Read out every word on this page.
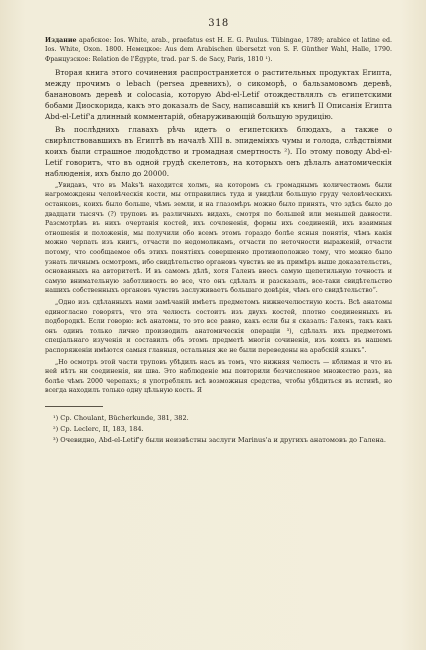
318

Издание арабское: Ios. White, arab., praefatus est H. E. G. Paulus. Tübingae, 1789; arabice et latine ed. Ios. White, Oxon. 1800. Немецкое: Aus dem Arabischen übersetzt von S. F. Günther Wahl, Halle, 1790. Французское: Relation de l'Égypte, trad. par S. de Sacy, Paris, 1810 ¹).

Вторая книга этого сочинения распространяется о растительных продуктах Египта, между прочимъ о lebach (persea древнихъ), о сикоморѣ, о бальзамовомъ деревѣ, банановомъ деревѣ и colocasia, которую Abd-el-Letif отождествлялъ съ египетскими бобами Диоскорида, какъ это доказалъ de Sacy, написавшій къ книгѣ II Описанія Египта Abd-el-Letif'а длинный комментарій, обнаруживающій большую эрудицію.

Въ послѣднихъ главахъ рѣчь идетъ о египетскихъ блюдахъ, а также о свирѣпствовавшихъ въ Египтѣ въ началѣ XIII в. эпидеміяхъ чумы и голода, слѣдствіями коихъ были страшное людоѣдство и громадная смертность ²). По этому поводу Abd-el-Letif говоритъ, что въ одной грудѣ скелетовъ, на которыхъ онъ дѣлалъ анатомическія наблюденія, ихъ было до 20000.

„Увидавъ, что въ Maks'ѣ находится холмъ, на которомъ съ громаднымъ количествомъ были нагромождены человѣческія кости, мы отправились туда и увидѣли большую груду человѣческихъ останковъ, коихъ было больше, чѣмъ земли, и на глазомѣръ можно было принять, что здѣсь было до двадцати тысячъ (?) труповъ въ различныхъ видахъ, смотря по большей или меньшей давности. Разсмотрѣвъ въ нихъ очертанія костей, ихъ сочлененія, формы ихъ соединеній, ихъ взаимныя отношенія и положенія, мы получили обо всемъ этомъ гораздо болѣе ясныя понятія, чѣмъ какія можно черпать изъ книгъ, отчасти по недомолвкамъ, отчасти по неточности выраженій, отчасти потому, что сообщаемое объ этихъ понятіяхъ совершенно противоположно тому, что можно было узнать личнымъ осмотромъ, ибо свидѣтельство органовъ чувствъ не въ примѣръ выше доказательствъ, основанныхъ на авторитетѣ. И въ самомъ дѣлѣ, хотя Галенъ внесъ самую щепетильную точность и самую внимательную заботливость во все, что онъ сдѣлалъ и разсказалъ, все-таки свидѣтельство нашихъ собственныхъ органовъ чувствъ заслуживаетъ большаго довѣрія, чѣмъ его свидѣтельство“.

„Одно изъ сдѣланныхъ нами замѣчаній имѣетъ предметомъ нижнечелюстную кость. Всѣ анатомы единогласно говорятъ, что эта челюсть состоитъ изъ двухъ костей, плотно соединенныхъ въ подбородкѣ. Если говорю: всѣ анатомы, то это все равно, какъ если бы я сказалъ: Галенъ, такъ какъ онъ одинъ только лично производилъ анатомическія операціи ³), сдѣлалъ ихъ предметомъ спеціальнаго изученія и составилъ объ этомъ предметѣ многія сочиненія, изъ коихъ въ нашемъ распоряженіи имѣются самыя главныя, остальныя же не были переведены на арабскій языкъ“.

„Но осмотръ этой части труповъ убѣдилъ насъ въ томъ, что нижняя челюсть — кблимая и что въ ней нѣтъ ни соединенія, ни шва. Это наблюденіе мы повторили безчисленное множество разъ, на болѣе чѣмъ 2000 черепахъ; я употреблялъ всѣ возможныя средства, чтобы убѣдиться въ истинѣ, но всегда находилъ только одну цѣльную кость. Я

¹) Ср. Choulant, Bücherkunde, 381, 382.
²) Ср. Leclerc, II, 183, 184.
³) Очевидно, Abd-el-Letif'у были неизвѣстны заслуги Marinus'а и другихъ анатомовъ до Галена.
